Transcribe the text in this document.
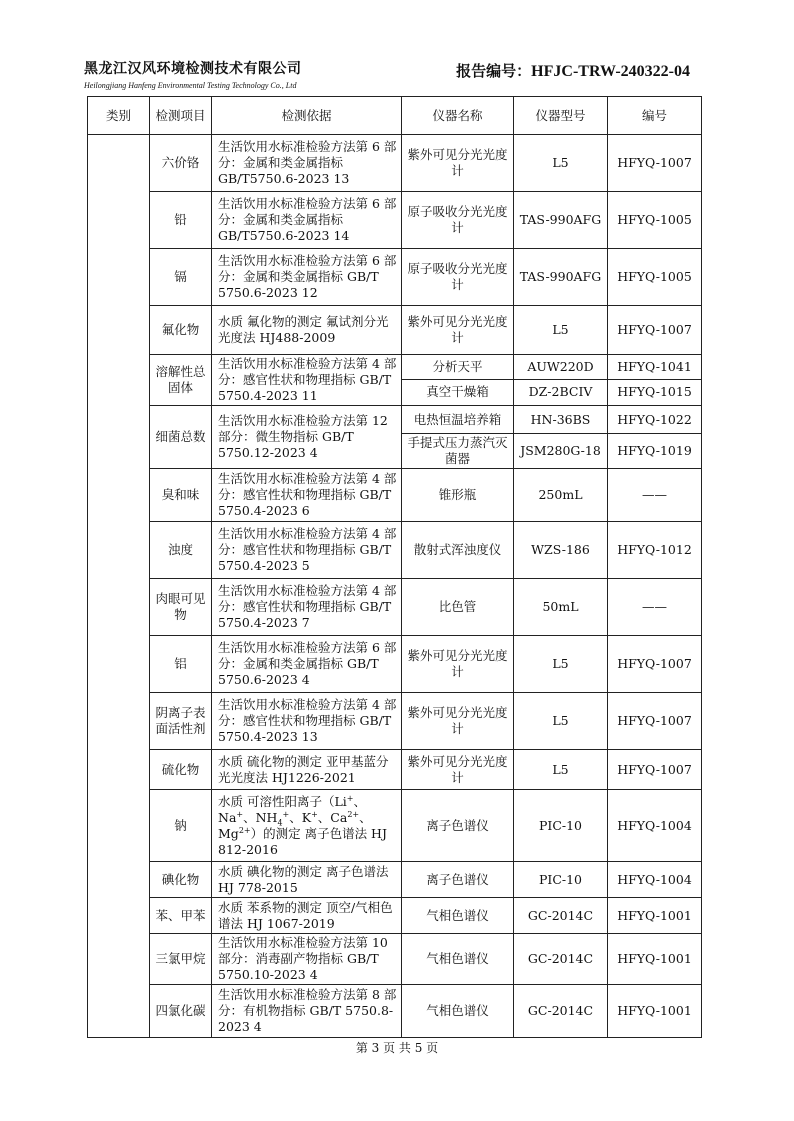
黑龙江汉风环境检测技术有限公司
Heilongjiang Hanfeng Environmental Testing Technology Co., Ltd
报告编号：HFJC-TRW-240322-04
类别	检测项目	检测依据	仪器名称	仪器型号	编号
	六价铬	生活饮用水标准检验方法第 6 部分：金属和类金属指标 GB/T5750.6-2023 13	紫外可见分光光度计	L5	HFYQ-1007
	铅	生活饮用水标准检验方法第 6 部分：金属和类金属指标 GB/T5750.6-2023 14	原子吸收分光光度计	TAS-990AFG	HFYQ-1005
	镉	生活饮用水标准检验方法第 6 部分：金属和类金属指标 GB/T 5750.6-2023 12	原子吸收分光光度计	TAS-990AFG	HFYQ-1005
	氟化物	水质 氟化物的测定 氟试剂分光光度法 HJ488-2009	紫外可见分光光度计	L5	HFYQ-1007
	溶解性总固体	生活饮用水标准检验方法第 4 部分：感官性状和物理指标 GB/T 5750.4-2023 11	分析天平	AUW220D	HFYQ-1041
			真空干燥箱	DZ-2BCIV	HFYQ-1015
	细菌总数	生活饮用水标准检验方法第 12 部分：微生物指标 GB/T 5750.12-2023 4	电热恒温培养箱	HN-36BS	HFYQ-1022
			手提式压力蒸汽灭菌器	JSM280G-18	HFYQ-1019
	臭和味	生活饮用水标准检验方法第 4 部分：感官性状和物理指标 GB/T 5750.4-2023 6	锥形瓶	250mL	——
	浊度	生活饮用水标准检验方法第 4 部分：感官性状和物理指标 GB/T 5750.4-2023 5	散射式浑浊度仪	WZS-186	HFYQ-1012
	肉眼可见物	生活饮用水标准检验方法第 4 部分：感官性状和物理指标 GB/T 5750.4-2023 7	比色管	50mL	——
	铝	生活饮用水标准检验方法第 6 部分：金属和类金属指标 GB/T 5750.6-2023 4	紫外可见分光光度计	L5	HFYQ-1007
	阴离子表面活性剂	生活饮用水标准检验方法第 4 部分：感官性状和物理指标 GB/T 5750.4-2023 13	紫外可见分光光度计	L5	HFYQ-1007
	硫化物	水质 硫化物的测定 亚甲基蓝分光光度法 HJ1226-2021	紫外可见分光光度计	L5	HFYQ-1007
	钠	水质 可溶性阳离子（Li+、Na+、$NH_4^+$、K+、$Ca^{2+}$、$Mg^{2+}$）的测定 离子色谱法 HJ 812-2016	离子色谱仪	PIC-10	HFYQ-1004
	碘化物	水质 碘化物的测定 离子色谱法 HJ 778-2015	离子色谱仪	PIC-10	HFYQ-1004
	苯、甲苯	水质 苯系物的测定 顶空/气相色谱法 HJ 1067-2019	气相色谱仪	GC-2014C	HFYQ-1001
	三氯甲烷	生活饮用水标准检验方法第 10 部分：消毒副产物指标 GB/T 5750.10-2023 4	气相色谱仪	GC-2014C	HFYQ-1001
	四氯化碳	生活饮用水标准检验方法第 8 部分：有机物指标 GB/T 5750.8-2023 4	气相色谱仪	GC-2014C	HFYQ-1001
第 3 页 共 5 页
